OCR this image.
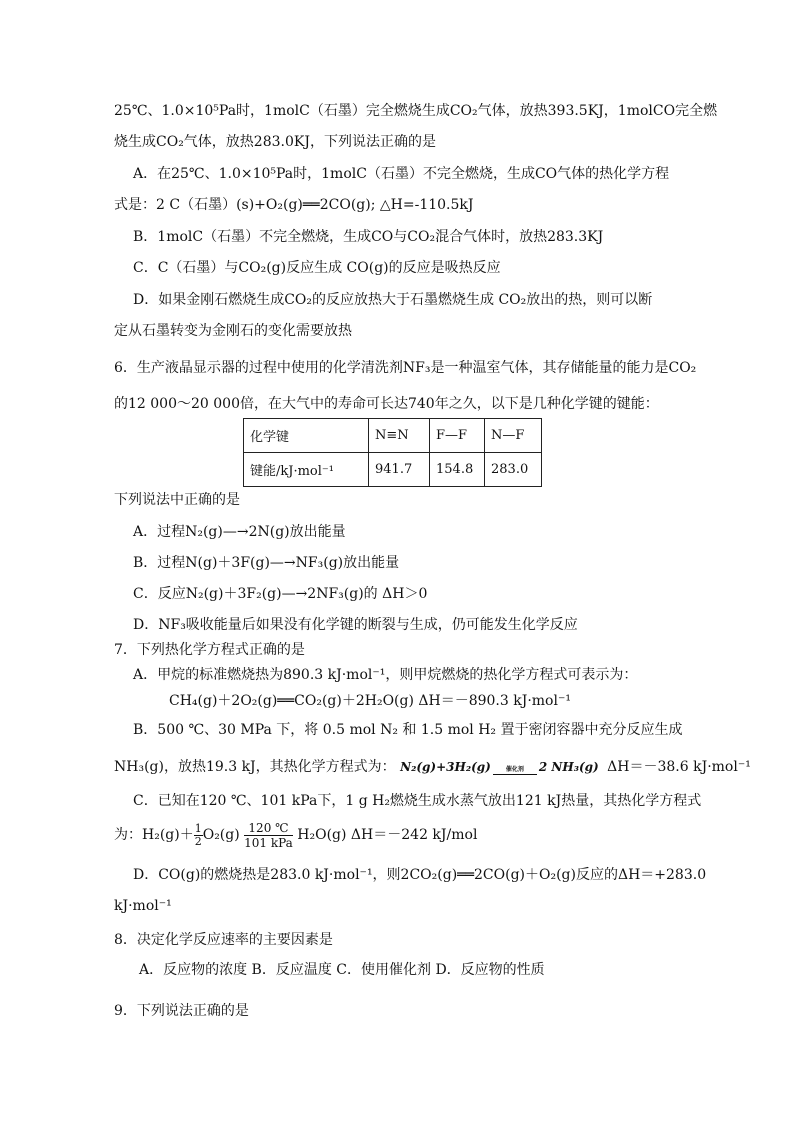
25℃、1.0×10⁵Pa时，1molC（石墨）完全燃烧生成CO₂气体，放热393.5KJ，1molCO完全燃
烧生成CO₂气体，放热283.0KJ，下列说法正确的是
A．在25℃、1.0×10⁵Pa时，1molC（石墨）不完全燃烧，生成CO气体的热化学方程
式是：2 C（石墨）(s)+O₂(g)══2CO(g); △H=-110.5kJ
B．1molC（石墨）不完全燃烧，生成CO与CO₂混合气体时，放热283.3KJ
C．C（石墨）与CO₂(g)反应生成 CO(g)的反应是吸热反应
D．如果金刚石燃烧生成CO₂的反应放热大于石墨燃烧生成 CO₂放出的热，则可以断
定从石墨转变为金刚石的变化需要放热
6．生产液晶显示器的过程中使用的化学清洗剂NF₃是一种温室气体，其存储能量的能力是CO₂
的12 000～20 000倍，在大气中的寿命可长达740年之久，以下是几种化学键的键能：
化学键	N≡N	F—F	N—F
键能/kJ·mol⁻¹	941.7	154.8	283.0
下列说法中正确的是
A．过程N₂(g)—→2N(g)放出能量
B．过程N(g)＋3F(g)—→NF₃(g)放出能量
C．反应N₂(g)＋3F₂(g)—→2NF₃(g)的 ΔH＞0
D．NF₃吸收能量后如果没有化学键的断裂与生成，仍可能发生化学反应
7．下列热化学方程式正确的是
A．甲烷的标准燃烧热为890.3 kJ·mol⁻¹，则甲烷燃烧的热化学方程式可表示为：
CH₄(g)＋2O₂(g)══CO₂(g)＋2H₂O(g) ΔH＝－890.3 kJ·mol⁻¹
B．500 ℃、30 MPa 下，将 0.5 mol N₂ 和 1.5 mol H₂ 置于密闭容器中充分反应生成
NH₃(g)，放热19.3 kJ，其热化学方程式为： N₂(g)+3H₂(g) 催化剂 2 NH₃(g) ΔH＝－38.6 kJ·mol⁻¹
C．已知在120 ℃、101 kPa下，1 g H₂燃烧生成水蒸气放出121 kJ热量，其热化学方程式
为：$H_2(g)+ \frac{1}{2} O_2(g)$ 120 ℃
101 kPa H₂O(g) ΔH＝－242 kJ/mol
D．CO(g)的燃烧热是283.0 kJ·mol⁻¹，则2CO₂(g)══2CO(g)＋O₂(g)反应的ΔH＝+283.0
kJ·mol⁻¹
8．决定化学反应速率的主要因素是
A．反应物的浓度 B．反应温度 C．使用催化剂 D．反应物的性质
9．下列说法正确的是
